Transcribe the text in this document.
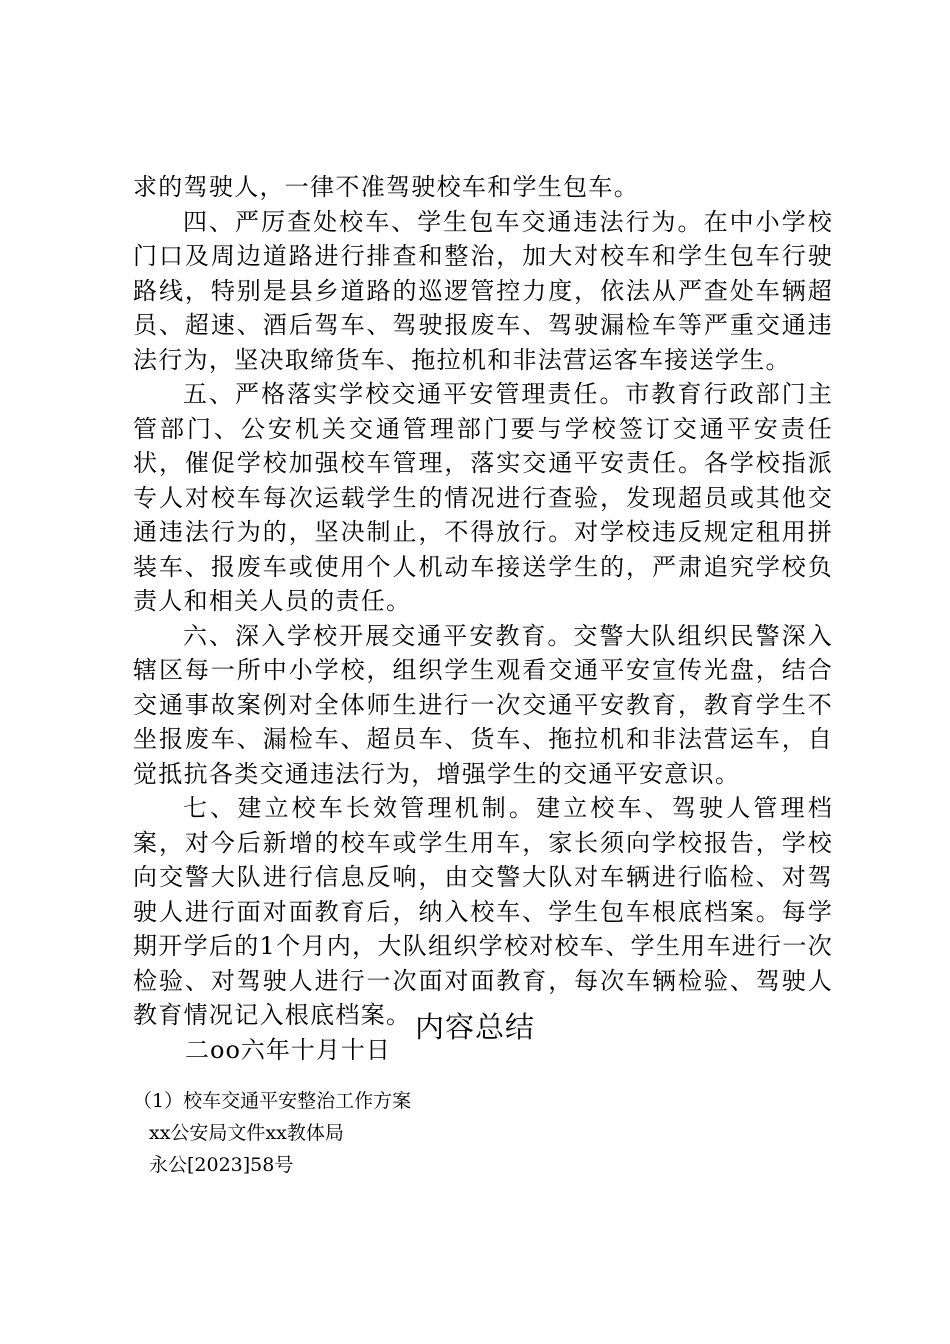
求的驾驶人，一律不准驾驶校车和学生包车。

四、严厉查处校车、学生包车交通违法行为。在中小学校门口及周边道路进行排查和整治，加大对校车和学生包车行驶路线，特别是县乡道路的巡逻管控力度，依法从严查处车辆超员、超速、酒后驾车、驾驶报废车、驾驶漏检车等严重交通违法行为，坚决取缔货车、拖拉机和非法营运客车接送学生。

五、严格落实学校交通平安管理责任。市教育行政部门主管部门、公安机关交通管理部门要与学校签订交通平安责任状，催促学校加强校车管理，落实交通平安责任。各学校指派专人对校车每次运载学生的情况进行查验，发现超员或其他交通违法行为的，坚决制止，不得放行。对学校违反规定租用拼装车、报废车或使用个人机动车接送学生的，严肃追究学校负责人和相关人员的责任。

六、深入学校开展交通平安教育。交警大队组织民警深入辖区每一所中小学校，组织学生观看交通平安宣传光盘，结合交通事故案例对全体师生进行一次交通平安教育，教育学生不坐报废车、漏检车、超员车、货车、拖拉机和非法营运车，自觉抵抗各类交通违法行为，增强学生的交通平安意识。

七、建立校车长效管理机制。建立校车、驾驶人管理档案，对今后新增的校车或学生用车，家长须向学校报告，学校向交警大队进行信息反响，由交警大队对车辆进行临检、对驾驶人进行面对面教育后，纳入校车、学生包车根底档案。每学期开学后的1个月内，大队组织学校对校车、学生用车进行一次检验、对驾驶人进行一次面对面教育，每次车辆检验、驾驶人教育情况记入根底档案。

二oo六年十月十日

内容总结

（1）校车交通平安整治工作方案

xx公安局文件xx教体局

永公[2023]58号
